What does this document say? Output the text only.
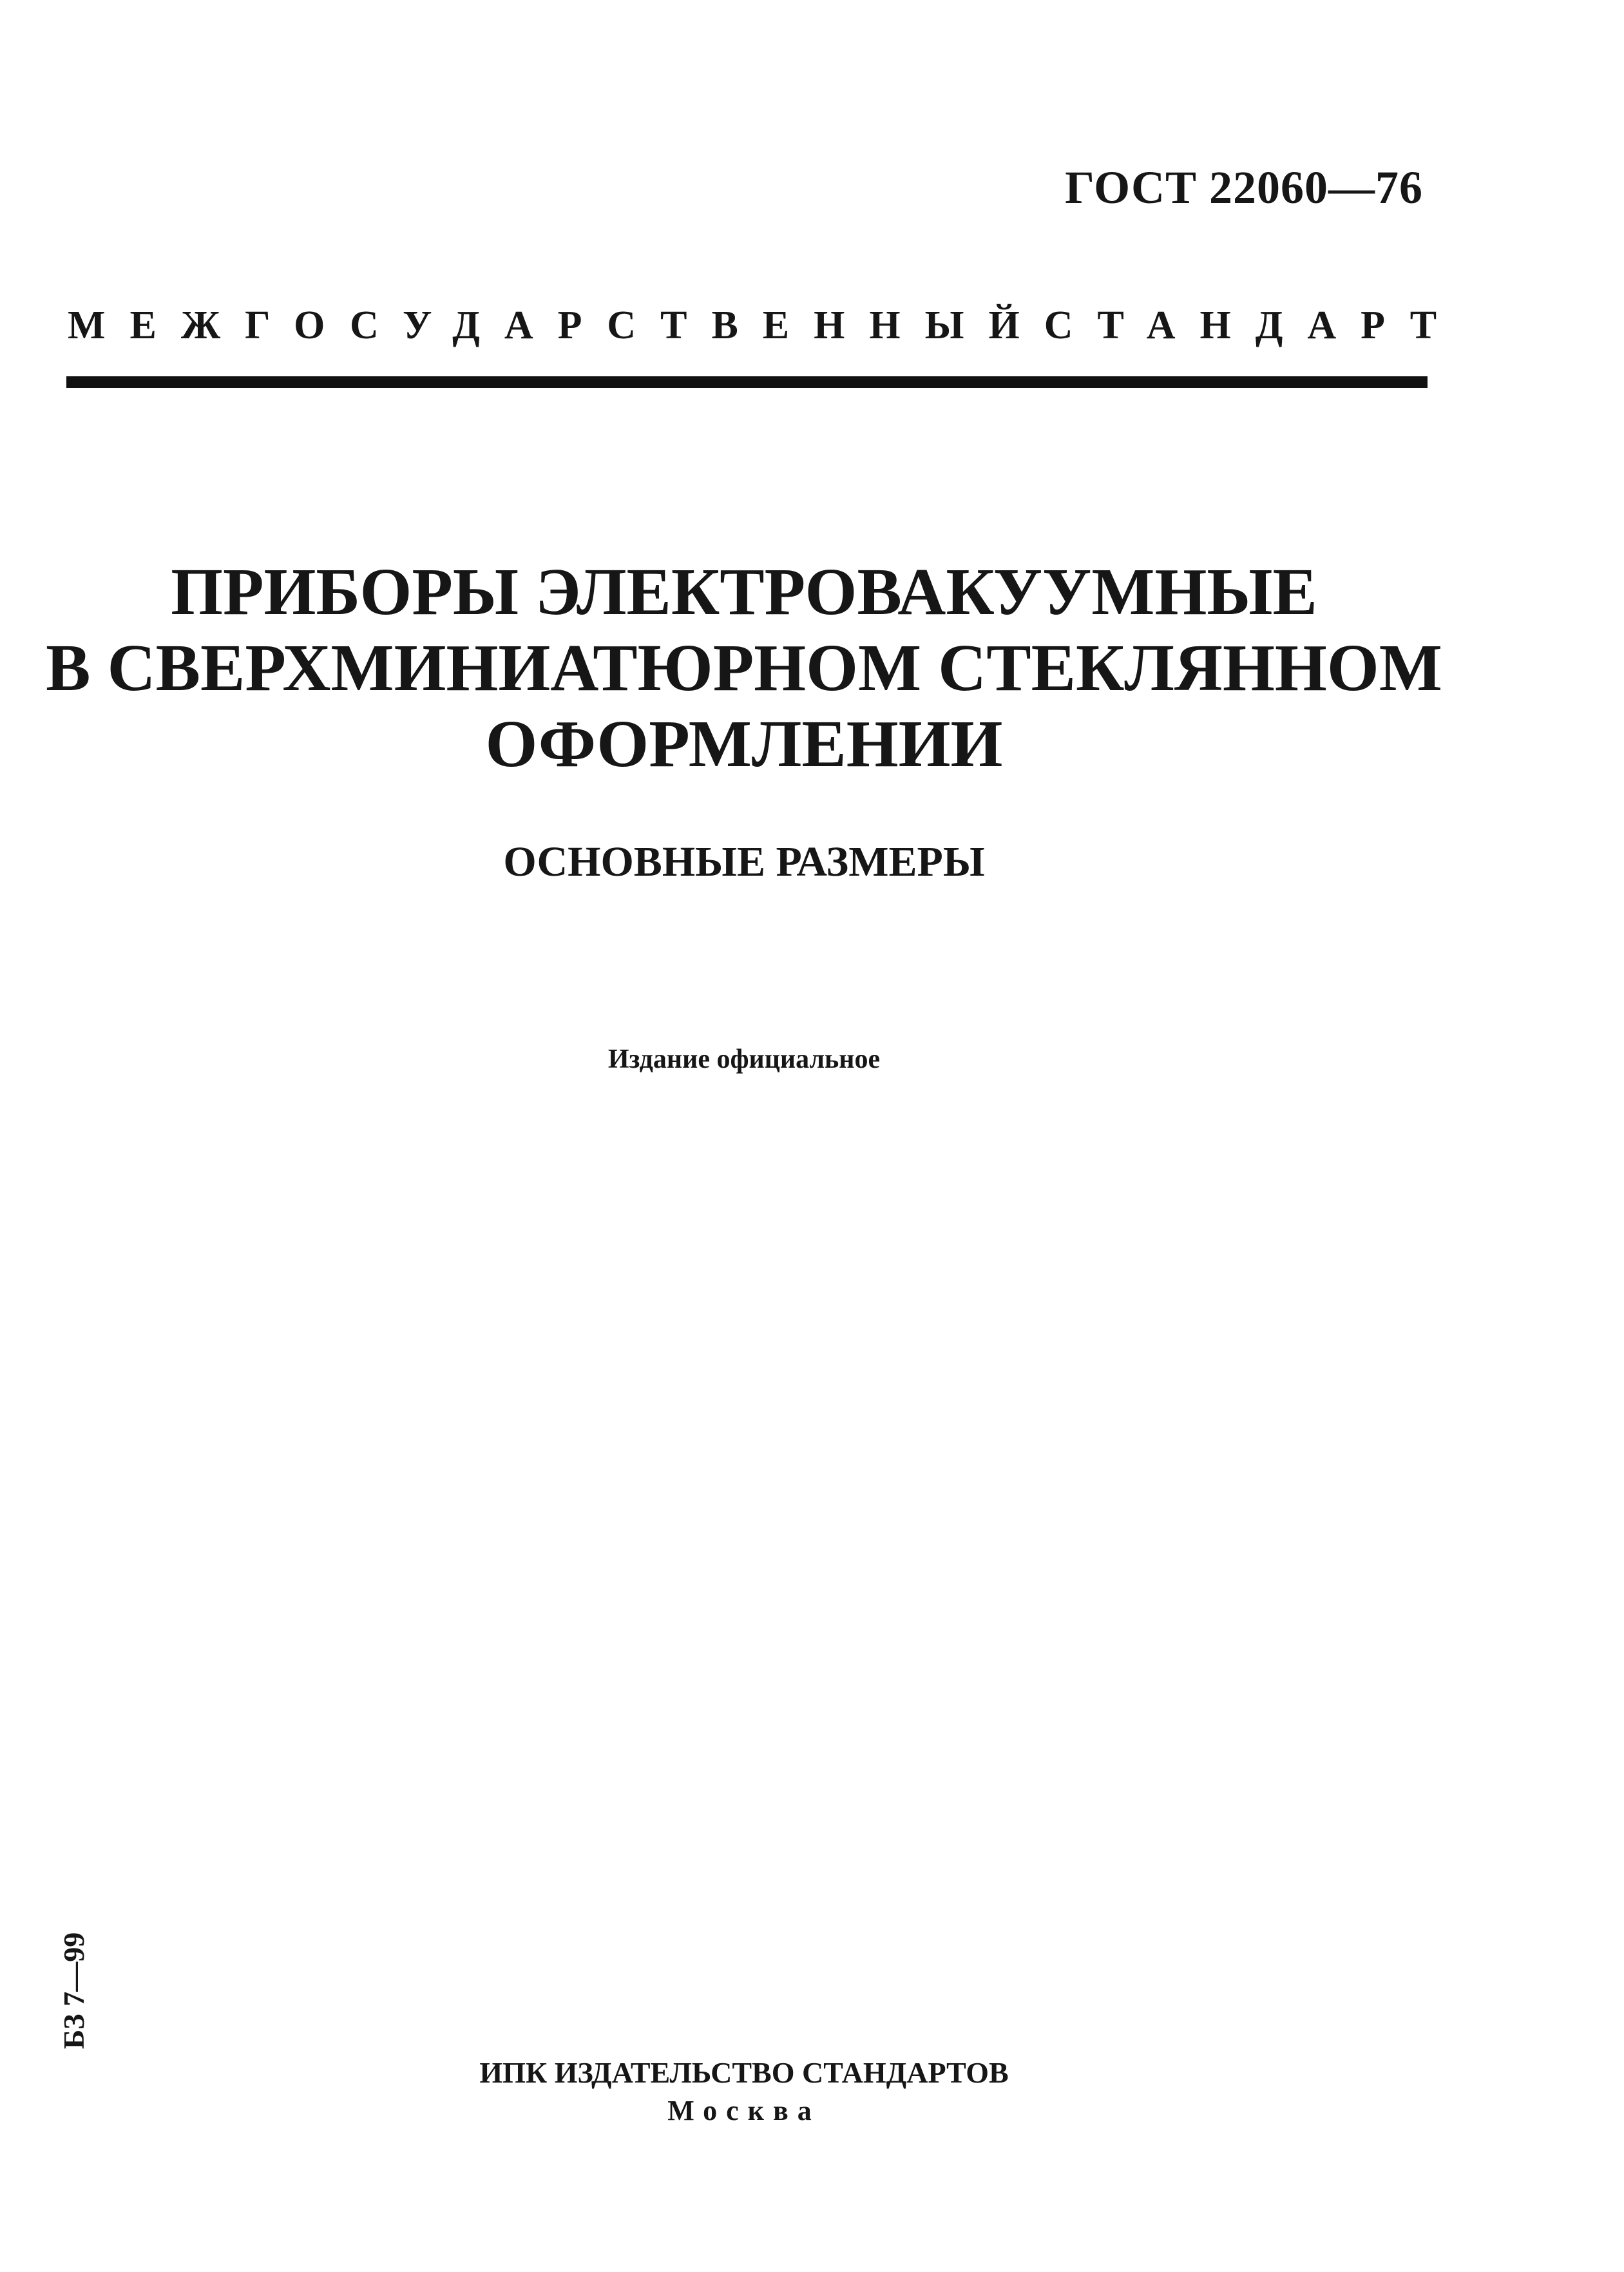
ГОСТ 22060—76
МЕЖГОСУДАРСТВЕННЫЙ СТАНДАРТ
ПРИБОРЫ ЭЛЕКТРОВАКУУМНЫЕ
В СВЕРХМИНИАТЮРНОМ СТЕКЛЯННОМ
ОФОРМЛЕНИИ
ОСНОВНЫЕ РАЗМЕРЫ
Издание официальное
БЗ 7—99
ИПК ИЗДАТЕЛЬСТВО СТАНДАРТОВ
Москва
